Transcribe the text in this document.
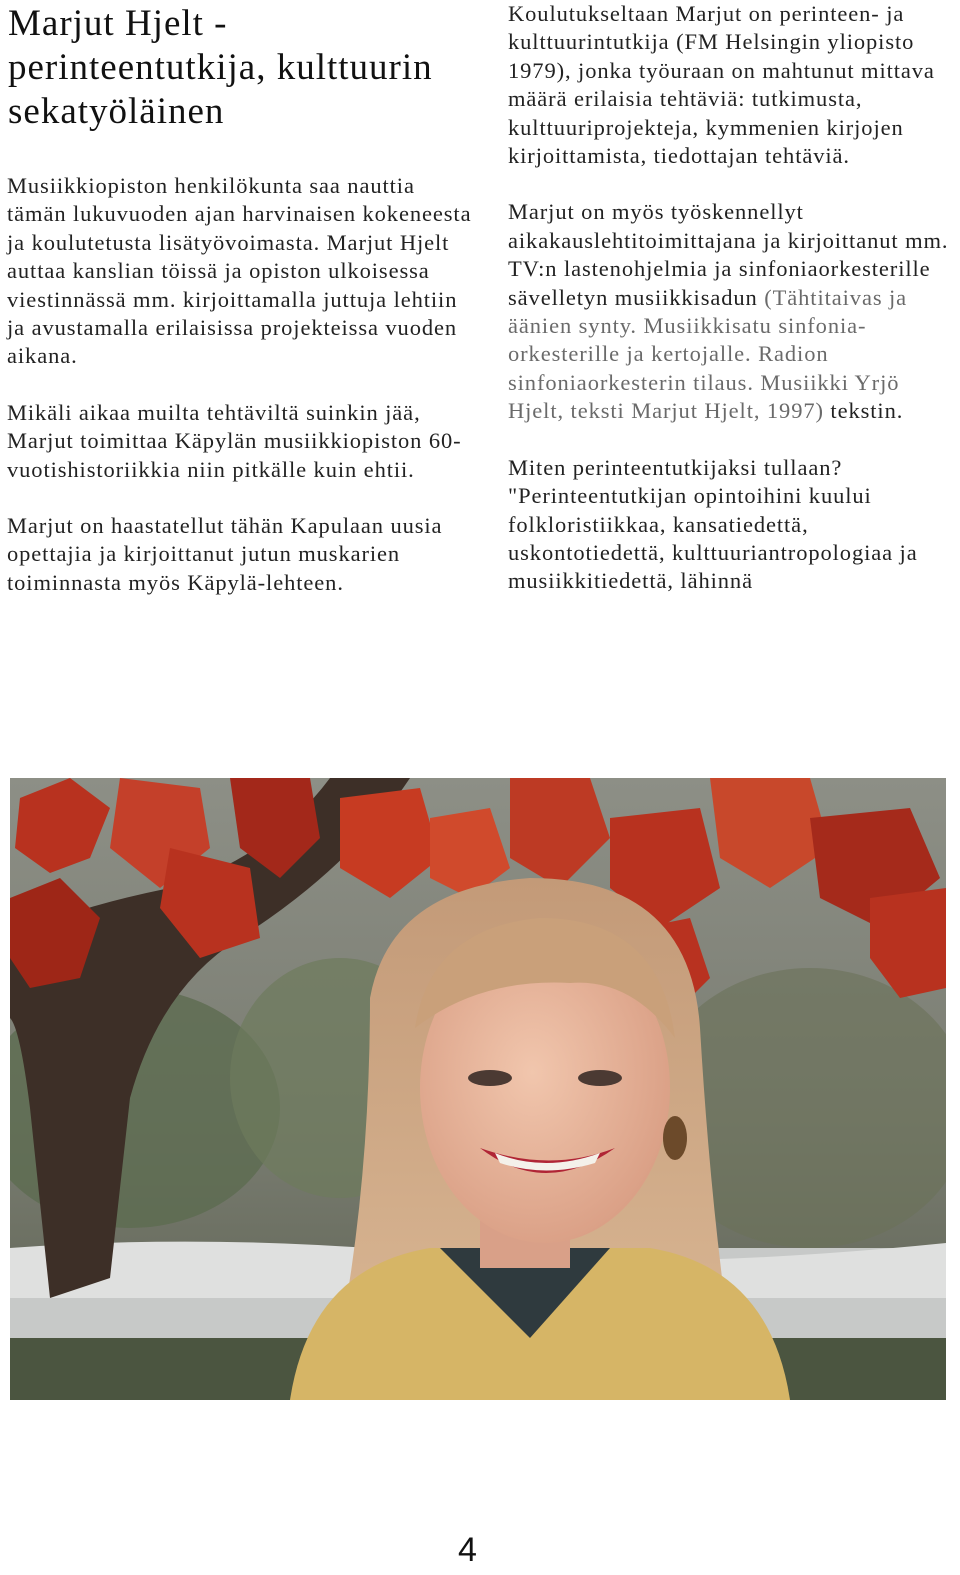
Marjut Hjelt - perinteentutkija, kulttuurin sekatyöläinen

Musiikkiopiston henkilökunta saa nauttia tämän lukuvuoden ajan harvinaisen kokeneesta ja koulutetusta lisätyövoimasta. Marjut Hjelt auttaa kanslian töissä ja opiston ulkoisessa viestinnässä mm. kirjoittamalla juttuja lehtiin ja avustamalla erilaisissa projekteissa vuoden aikana.

Mikäli aikaa muilta tehtäviltä suinkin jää, Marjut toimittaa Käpylän musiikkiopiston 60-vuotishistoriikkia niin pitkälle kuin ehtii.

Marjut on haastatellut tähän Kapulaan uusia opettajia ja kirjoittanut jutun muskarien toiminnasta myös Käpylä-lehteen.

Koulutukseltaan Marjut on perinteen- ja kulttuurintutkija (FM Helsingin yliopisto 1979), jonka työuraan on mahtunut mittava määrä erilaisia tehtäviä: tutkimusta, kulttuuriprojekteja, kymmenien kirjojen kirjoittamista, tiedottajan tehtäviä.

Marjut on myös työskennellyt aikakauslehtitoimittajana ja kirjoittanut mm. TV:n lastenohjelmia ja sinfoniaorkesterille sävelletyn musiikkisadun (Tähtitaivas ja äänien synty. Musiikkisatu sinfonia-orkesterille ja kertojalle. Radion sinfoniaorkesterin tilaus. Musiikki Yrjö Hjelt, teksti Marjut Hjelt, 1997) tekstin.

Miten perinteentutkijaksi tullaan? "Perinteentutkijan opintoihini kuului folkloristiikkaa, kansatiedettä, uskontotiedettä, kulttuuriantropologiaa ja musiikkitiedettä, lähinnä

4
